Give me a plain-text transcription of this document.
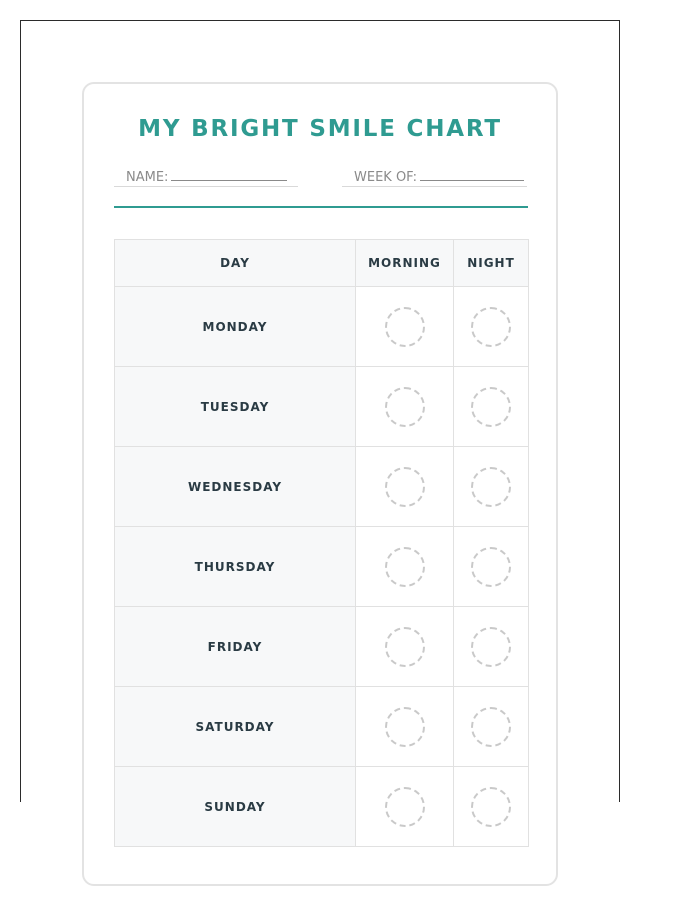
MY BRIGHT SMILE CHART
NAME:	WEEK OF:
DAY	MORNING	NIGHT
MONDAY		
TUESDAY		
WEDNESDAY		
THURSDAY		
FRIDAY		
SATURDAY		
SUNDAY		
